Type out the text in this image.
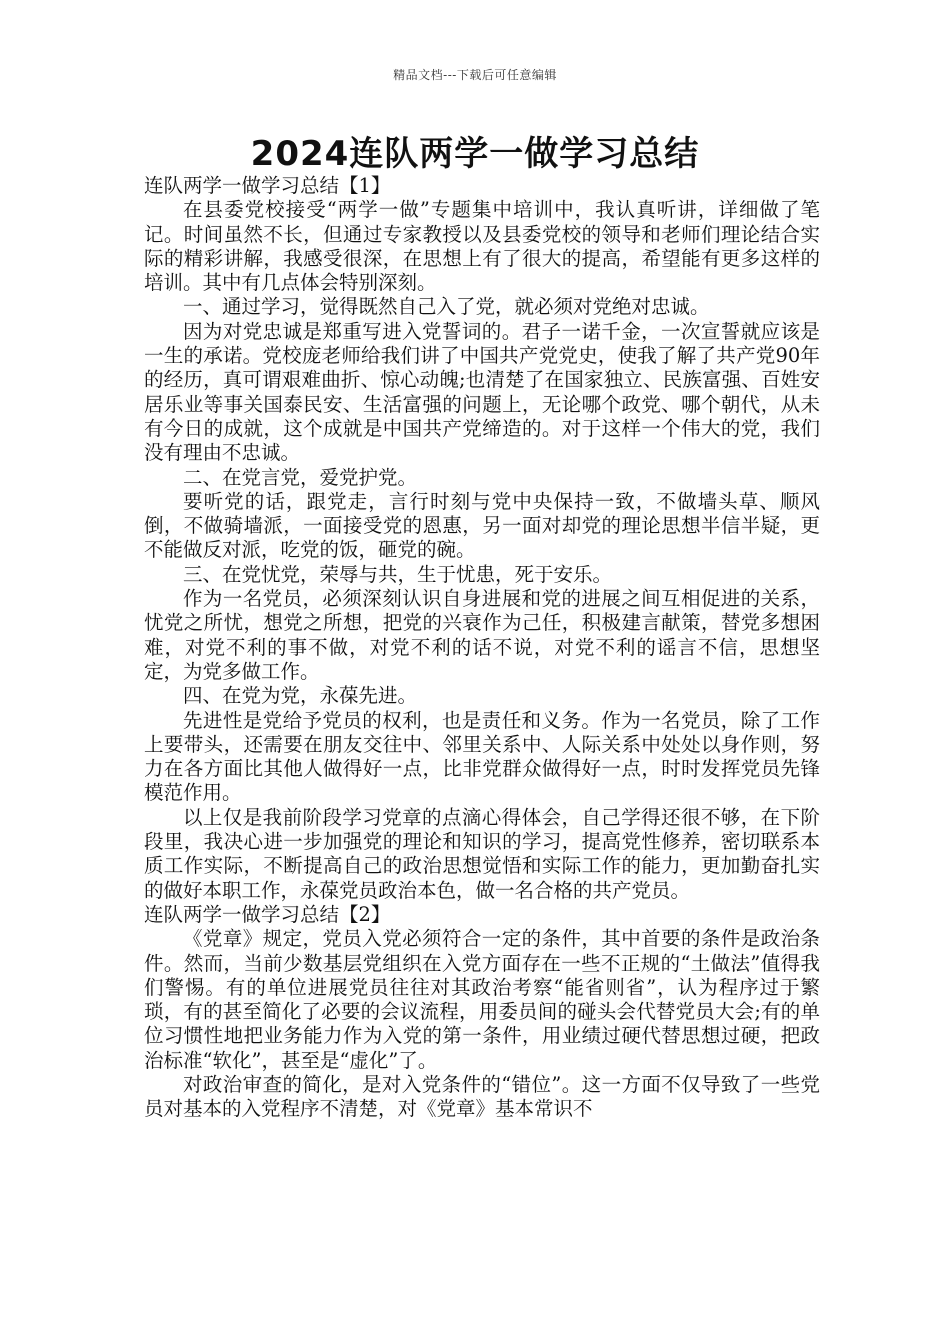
精品文档---下载后可任意编辑
2024连队两学一做学习总结

连队两学一做学习总结【1】

在县委党校接受“两学一做”专题集中培训中，我认真听讲，详细做了笔记。时间虽然不长，但通过专家教授以及县委党校的领导和老师们理论结合实际的精彩讲解，我感受很深，在思想上有了很大的提高，希望能有更多这样的培训。其中有几点体会特别深刻。

一、通过学习，觉得既然自己入了党，就必须对党绝对忠诚。

因为对党忠诚是郑重写进入党誓词的。君子一诺千金，一次宣誓就应该是一生的承诺。党校庞老师给我们讲了中国共产党党史，使我了解了共产党90年的经历，真可谓艰难曲折、惊心动魄;也清楚了在国家独立、民族富强、百姓安居乐业等事关国泰民安、生活富强的问题上，无论哪个政党、哪个朝代，从未有今日的成就，这个成就是中国共产党缔造的。对于这样一个伟大的党，我们没有理由不忠诚。

二、在党言党，爱党护党。

要听党的话，跟党走，言行时刻与党中央保持一致，不做墙头草、顺风倒，不做骑墙派，一面接受党的恩惠，另一面对却党的理论思想半信半疑，更不能做反对派，吃党的饭，砸党的碗。

三、在党忧党，荣辱与共，生于忧患，死于安乐。

作为一名党员，必须深刻认识自身进展和党的进展之间互相促进的关系，忧党之所忧，想党之所想，把党的兴衰作为己任，积极建言献策，替党多想困难，对党不利的事不做，对党不利的话不说，对党不利的谣言不信，思想坚定，为党多做工作。

四、在党为党，永葆先进。

先进性是党给予党员的权利，也是责任和义务。作为一名党员，除了工作上要带头，还需要在朋友交往中、邻里关系中、人际关系中处处以身作则，努力在各方面比其他人做得好一点，比非党群众做得好一点，时时发挥党员先锋模范作用。

以上仅是我前阶段学习党章的点滴心得体会，自己学得还很不够，在下阶段里，我决心进一步加强党的理论和知识的学习，提高党性修养，密切联系本质工作实际，不断提高自己的政治思想觉悟和实际工作的能力，更加勤奋扎实的做好本职工作，永葆党员政治本色，做一名合格的共产党员。

连队两学一做学习总结【2】

《党章》规定，党员入党必须符合一定的条件，其中首要的条件是政治条件。然而，当前少数基层党组织在入党方面存在一些不正规的“土做法”值得我们警惕。有的单位进展党员往往对其政治考察“能省则省”，认为程序过于繁琐，有的甚至简化了必要的会议流程，用委员间的碰头会代替党员大会;有的单位习惯性地把业务能力作为入党的第一条件，用业绩过硬代替思想过硬，把政治标准“软化”，甚至是“虚化”了。

对政治审查的简化，是对入党条件的“错位”。这一方面不仅导致了一些党员对基本的入党程序不清楚，对《党章》基本常识不
